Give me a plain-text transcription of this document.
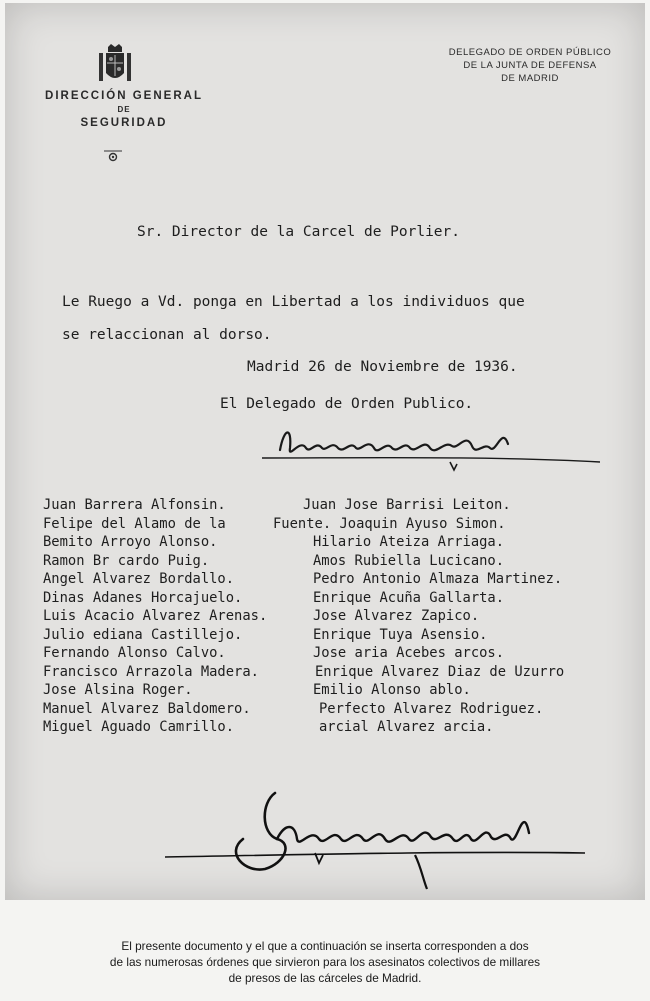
DIRECCIÓN GENERAL
DE
SEGURIDAD
DELEGADO DE ORDEN PÚBLICO
DE LA JUNTA DE DEFENSA
DE MADRID
Sr. Director de la Carcel de Porlier.
Le Ruego a Vd. ponga en Libertad a los individuos que
se relaccionan al dorso.
Madrid 26 de Noviembre de 1936.
El Delegado de Orden Publico.
Juan Barrera Alfonsin.	Juan Jose Barrisi Leiton.
Felipe del Alamo de la	Fuente. Joaquin Ayuso Simon.
Bemito Arroyo Alonso.	Hilario Ateiza Arriaga.
Ramon Br cardo Puig.	Amos Rubiella Lucicano.
Angel Alvarez Bordallo.	Pedro Antonio Almaza Martinez.
Dinas Adanes Horcajuelo.	Enrique Acuña Gallarta.
Luis Acacio Alvarez Arenas.	Jose Alvarez Zapico.
Julio ediana Castillejo.	Enrique Tuya Asensio.
Fernando Alonso Calvo.	Jose aria Acebes arcos.
Francisco Arrazola Madera.	Enrique Alvarez Diaz de Uzurro
Jose Alsina Roger.	Emilio Alonso ablo.
Manuel Alvarez Baldomero.	Perfecto Alvarez Rodriguez.
Miguel Aguado Camrillo.	arcial Alvarez arcia.
El presente documento y el que a continuación se inserta corresponden a dos
de las numerosas órdenes que sirvieron para los asesinatos colectivos de millares
de presos de las cárceles de Madrid.
